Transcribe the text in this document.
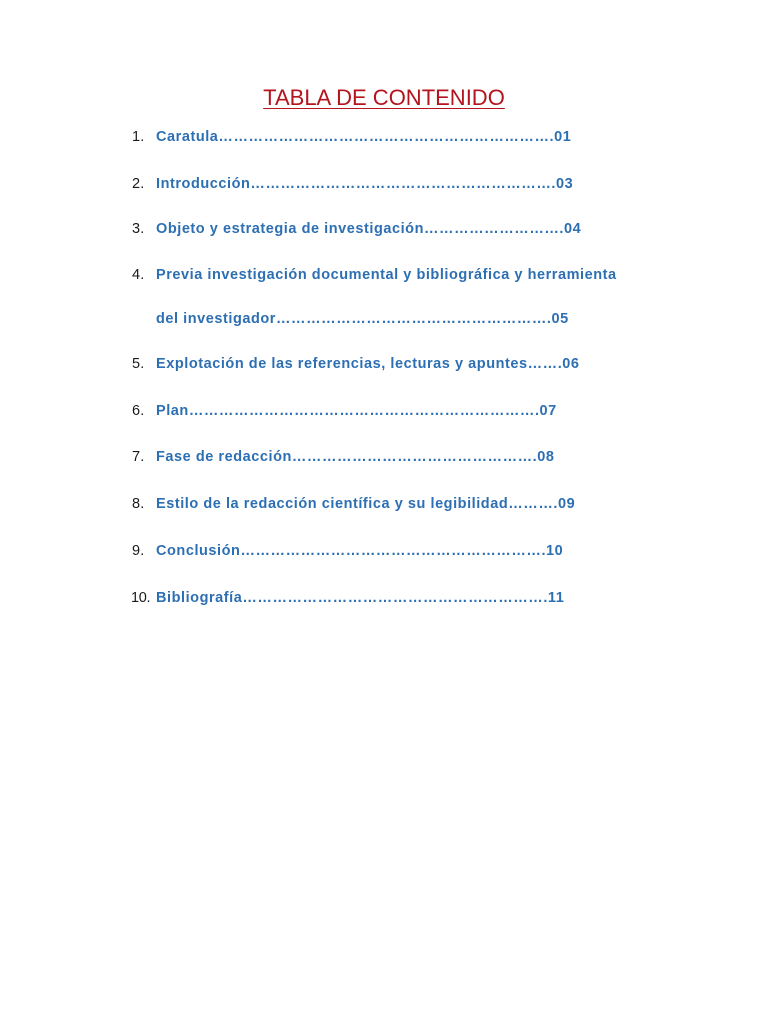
TABLA DE CONTENIDO
1. Caratula………………………………………………………….01
2. Introducción…………………………………………………….03
3. Objeto y estrategia de investigación……………………….04
4. Previa investigación documental y bibliográfica y herramienta
del investigador……………………………………………….05
5. Explotación de las referencias, lecturas y apuntes…….06
6. Plan…………………………………………………………….07
7. Fase de redacción………………………………………….08
8. Estilo de la redacción científica y su legibilidad……….09
9. Conclusión…………………………………………………….10
10. Bibliografía…………………………………………………….11
